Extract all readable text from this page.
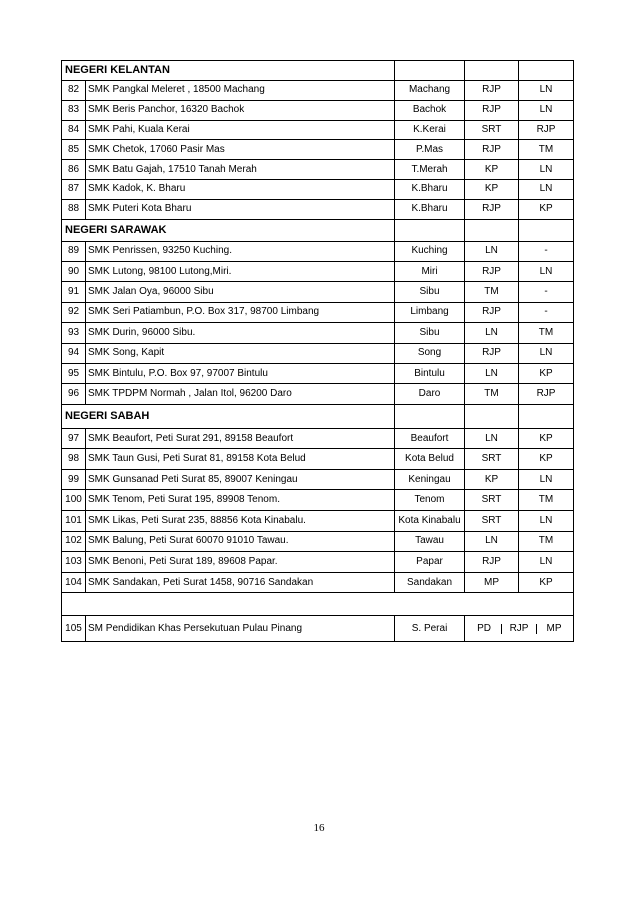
NEGERI KELANTAN				
82	SMK Pangkal Meleret , 18500 Machang	Machang	RJP	LN
83	SMK Beris Panchor, 16320 Bachok	Bachok	RJP	LN
84	SMK Pahi, Kuala Kerai	K.Kerai	SRT	RJP
85	SMK Chetok, 17060 Pasir Mas	P.Mas	RJP	TM
86	SMK Batu Gajah, 17510 Tanah Merah	T.Merah	KP	LN
87	SMK Kadok, K. Bharu	K.Bharu	KP	LN
88	SMK Puteri Kota Bharu	K.Bharu	RJP	KP
NEGERI SARAWAK				
89	SMK Penrissen, 93250 Kuching.	Kuching	LN	-
90	SMK Lutong, 98100 Lutong,Miri.	Miri	RJP	LN
91	SMK Jalan Oya, 96000 Sibu	Sibu	TM	-
92	SMK Seri Patiambun, P.O. Box 317, 98700 Limbang	Limbang	RJP	-
93	SMK Durin, 96000 Sibu.	Sibu	LN	TM
94	SMK Song, Kapit	Song	RJP	LN
95	SMK Bintulu, P.O. Box 97, 97007 Bintulu	Bintulu	LN	KP
96	SMK TPDPM Normah , Jalan Itol, 96200 Daro	Daro	TM	RJP
NEGERI SABAH				
97	SMK Beaufort, Peti Surat 291, 89158 Beaufort	Beaufort	LN	KP
98	SMK Taun Gusi, Peti Surat 81, 89158 Kota Belud	Kota Belud	SRT	KP
99	SMK Gunsanad Peti Surat 85, 89007 Keningau	Keningau	KP	LN
100	SMK Tenom, Peti Surat 195, 89908 Tenom.	Tenom	SRT	TM
101	SMK Likas, Peti Surat 235, 88856 Kota Kinabalu.	Kota Kinabalu	SRT	LN
102	SMK Balung, Peti Surat 60070 91010 Tawau.	Tawau	LN	TM
103	SMK Benoni, Peti Surat 189, 89608 Papar.	Papar	RJP	LN
104	SMK Sandakan, Peti Surat 1458, 90716 Sandakan	Sandakan	MP	KP

105	SM Pendidikan Khas Persekutuan Pulau Pinang	S. Perai	PD RJP MP	
16
